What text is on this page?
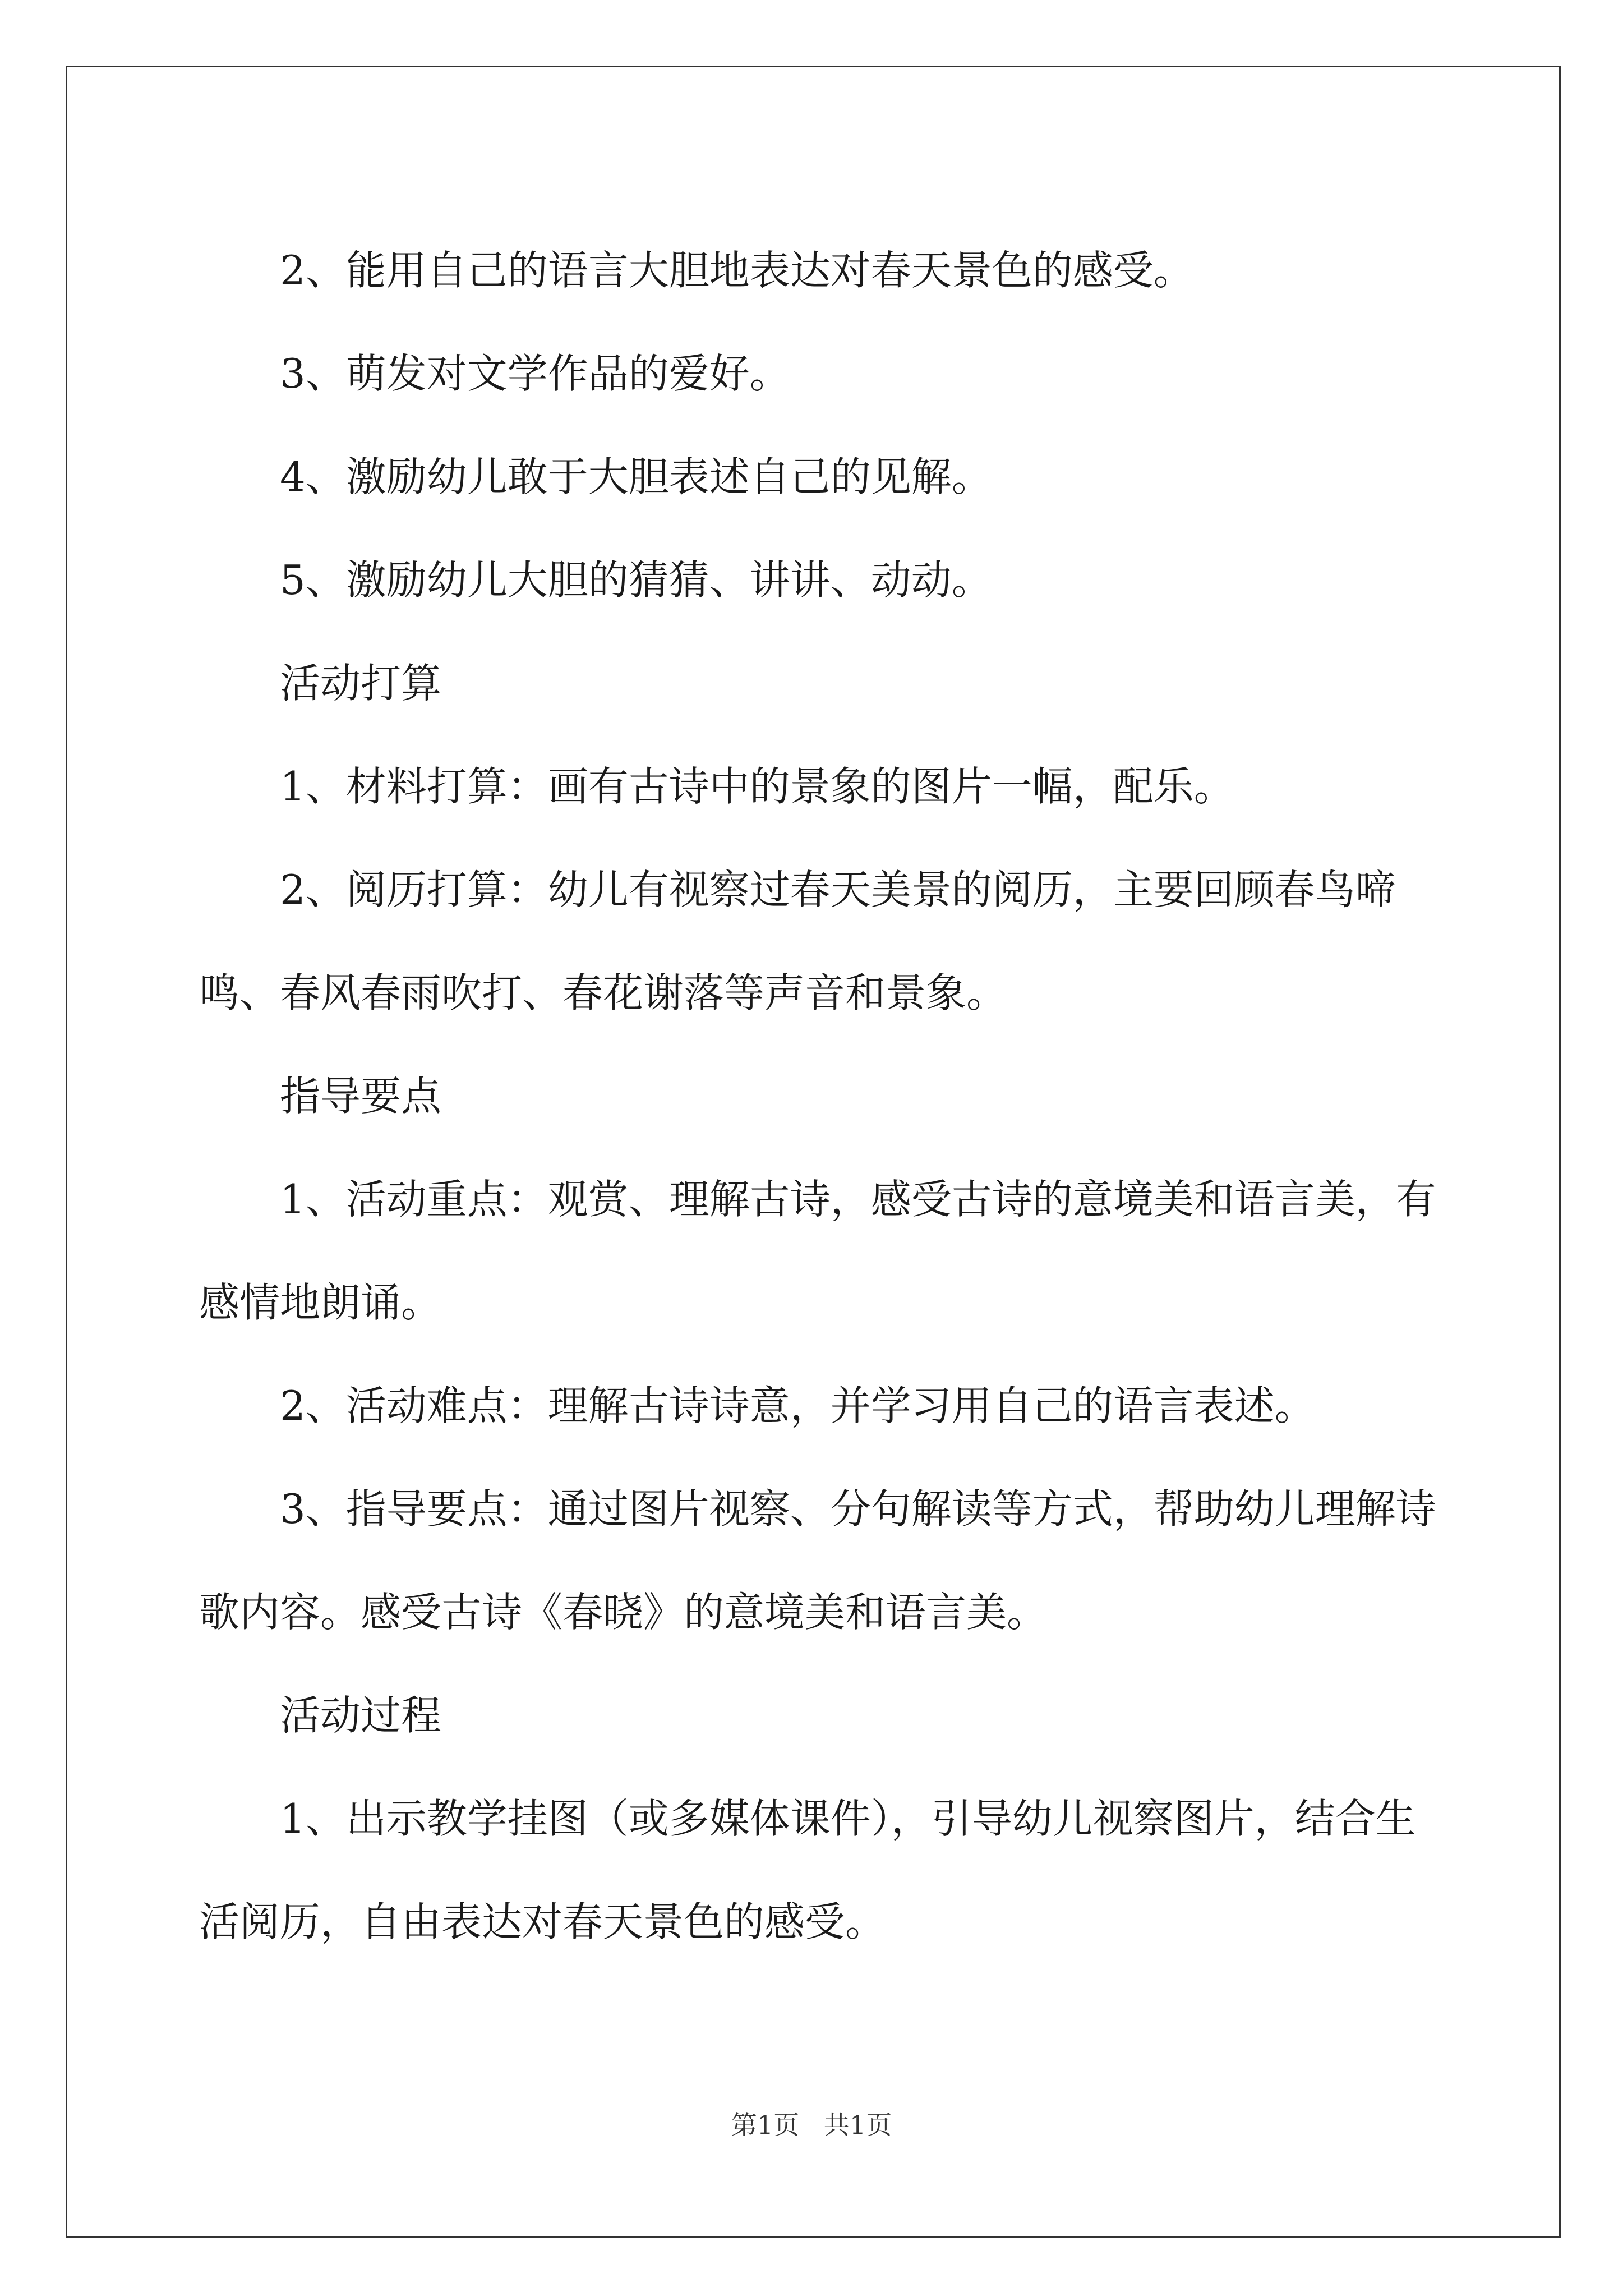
2、能用自己的语言大胆地表达对春天景色的感受。

3、萌发对文学作品的爱好。

4、激励幼儿敢于大胆表述自己的见解。

5、激励幼儿大胆的猜猜、讲讲、动动。

活动打算

1、材料打算：画有古诗中的景象的图片一幅，配乐。

2、阅历打算：幼儿有视察过春天美景的阅历，主要回顾春鸟啼鸣、春风春雨吹打、春花谢落等声音和景象。

指导要点

1、活动重点：观赏、理解古诗，感受古诗的意境美和语言美，有感情地朗诵。

2、活动难点：理解古诗诗意，并学习用自己的语言表述。

3、指导要点：通过图片视察、分句解读等方式，帮助幼儿理解诗歌内容。感受古诗《春晓》的意境美和语言美。

活动过程

1、出示教学挂图（或多媒体课件），引导幼儿视察图片，结合生活阅历，自由表达对春天景色的感受。

第1页   共1页
